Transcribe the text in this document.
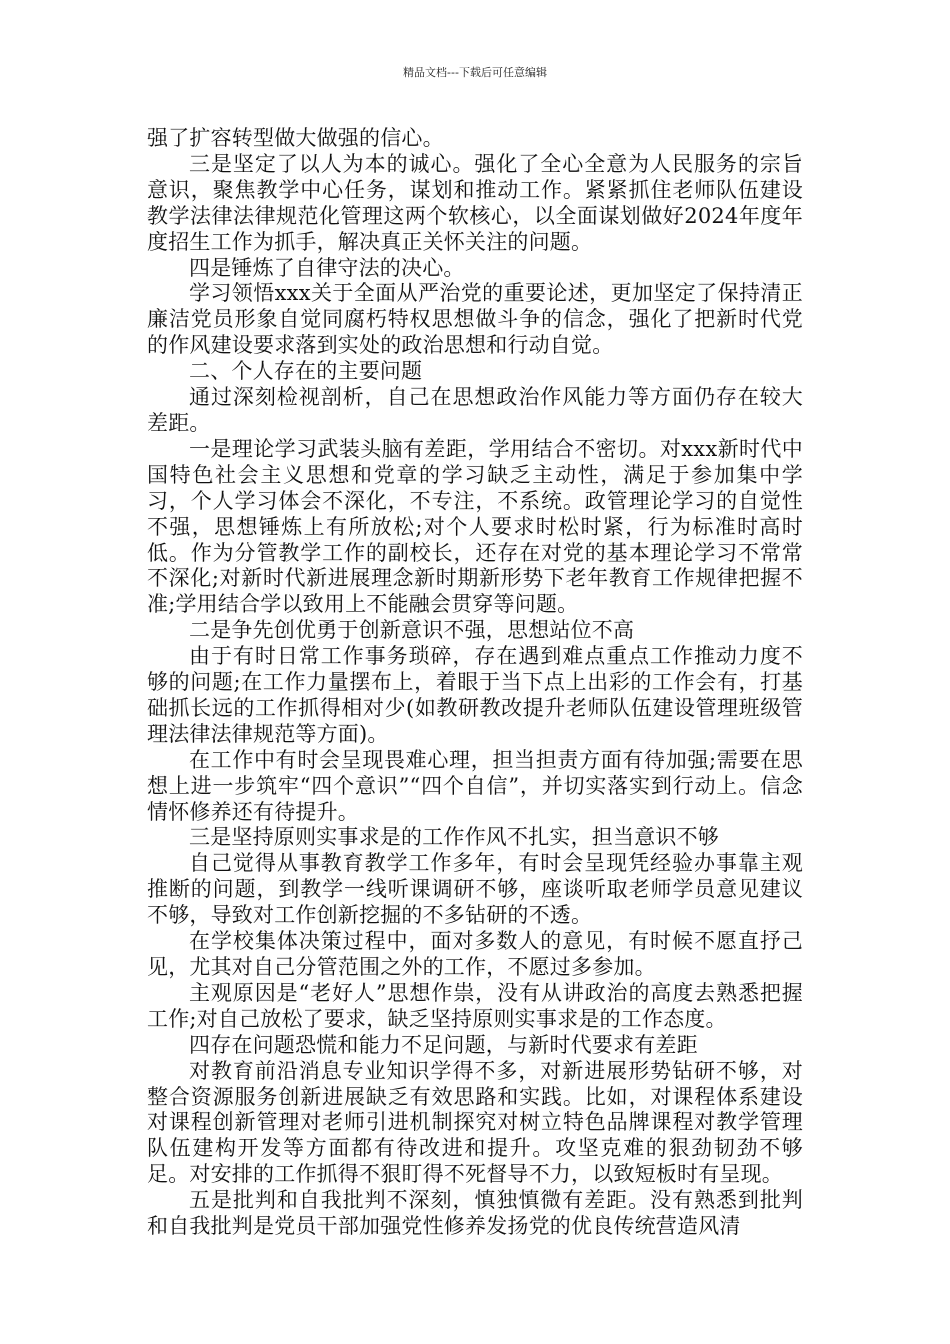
精品文档---下载后可任意编辑

强了扩容转型做大做强的信心。

三是坚定了以人为本的诚心。强化了全心全意为人民服务的宗旨意识，聚焦教学中心任务，谋划和推动工作。紧紧抓住老师队伍建设教学法律法律规范化管理这两个软核心，以全面谋划做好2024年度年度招生工作为抓手，解决真正关怀关注的问题。

四是锤炼了自律守法的决心。

学习领悟xxx关于全面从严治党的重要论述，更加坚定了保持清正廉洁党员形象自觉同腐朽特权思想做斗争的信念，强化了把新时代党的作风建设要求落到实处的政治思想和行动自觉。

二、个人存在的主要问题

通过深刻检视剖析，自己在思想政治作风能力等方面仍存在较大差距。

一是理论学习武装头脑有差距，学用结合不密切。对xxx新时代中国特色社会主义思想和党章的学习缺乏主动性，满足于参加集中学习，个人学习体会不深化，不专注，不系统。政管理论学习的自觉性不强，思想锤炼上有所放松;对个人要求时松时紧，行为标准时高时低。作为分管教学工作的副校长，还存在对党的基本理论学习不常常不深化;对新时代新进展理念新时期新形势下老年教育工作规律把握不准;学用结合学以致用上不能融会贯穿等问题。

二是争先创优勇于创新意识不强，思想站位不高

由于有时日常工作事务琐碎，存在遇到难点重点工作推动力度不够的问题;在工作力量摆布上，着眼于当下点上出彩的工作会有，打基础抓长远的工作抓得相对少(如教研教改提升老师队伍建设管理班级管理法律法律规范等方面)。

在工作中有时会呈现畏难心理，担当担责方面有待加强;需要在思想上进一步筑牢“四个意识”“四个自信”，并切实落实到行动上。信念情怀修养还有待提升。

三是坚持原则实事求是的工作作风不扎实，担当意识不够

自己觉得从事教育教学工作多年，有时会呈现凭经验办事靠主观推断的问题，到教学一线听课调研不够，座谈听取老师学员意见建议不够，导致对工作创新挖掘的不多钻研的不透。

在学校集体决策过程中，面对多数人的意见，有时候不愿直抒己见，尤其对自己分管范围之外的工作，不愿过多参加。

主观原因是“老好人”思想作祟，没有从讲政治的高度去熟悉把握工作;对自己放松了要求，缺乏坚持原则实事求是的工作态度。

四存在问题恐慌和能力不足问题，与新时代要求有差距

对教育前沿消息专业知识学得不多，对新进展形势钻研不够，对整合资源服务创新进展缺乏有效思路和实践。比如，对课程体系建设对课程创新管理对老师引进机制探究对树立特色品牌课程对教学管理队伍建构开发等方面都有待改进和提升。攻坚克难的狠劲韧劲不够足。对安排的工作抓得不狠盯得不死督导不力，以致短板时有呈现。

五是批判和自我批判不深刻，慎独慎微有差距。没有熟悉到批判和自我批判是党员干部加强党性修养发扬党的优良传统营造风清
